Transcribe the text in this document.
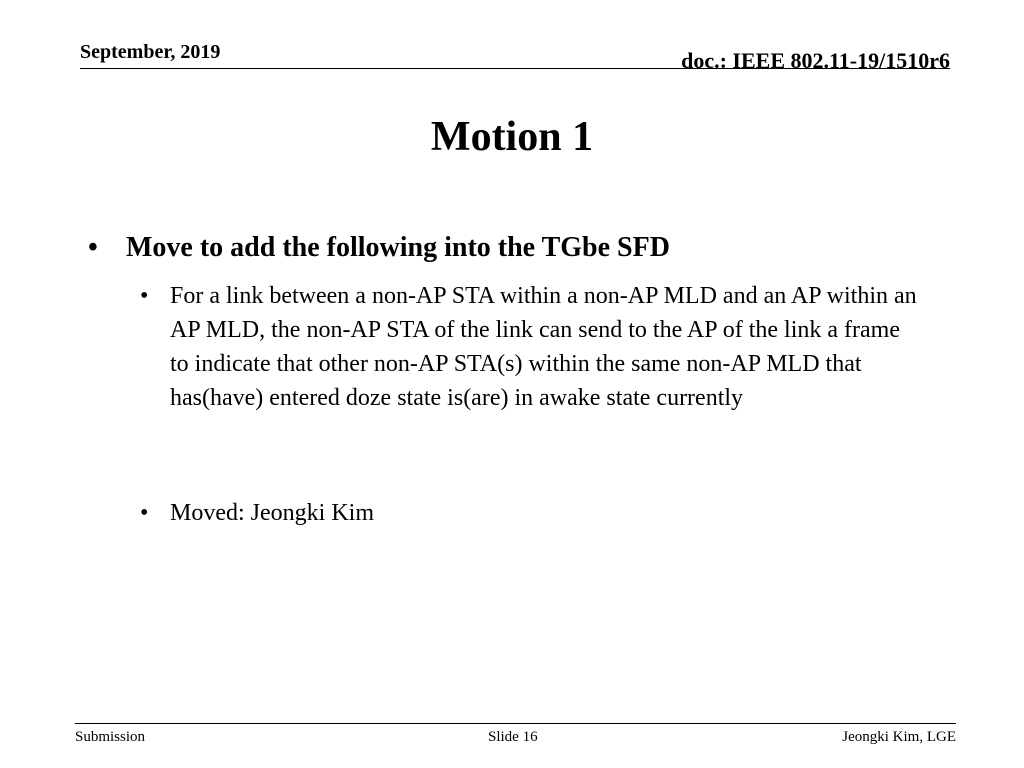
September, 2019	doc.: IEEE 802.11-19/1510r6
Motion 1
• Move to add the following into the TGbe SFD
• For a link between a non-AP STA within a non-AP MLD and an AP within an AP MLD, the non-AP STA of the link can send to the AP of the link a frame to indicate that other non-AP STA(s) within the same non-AP MLD that has(have) entered doze state is(are) in awake state currently
• Moved: Jeongki Kim
Submission	Slide 16	Jeongki Kim, LGE
